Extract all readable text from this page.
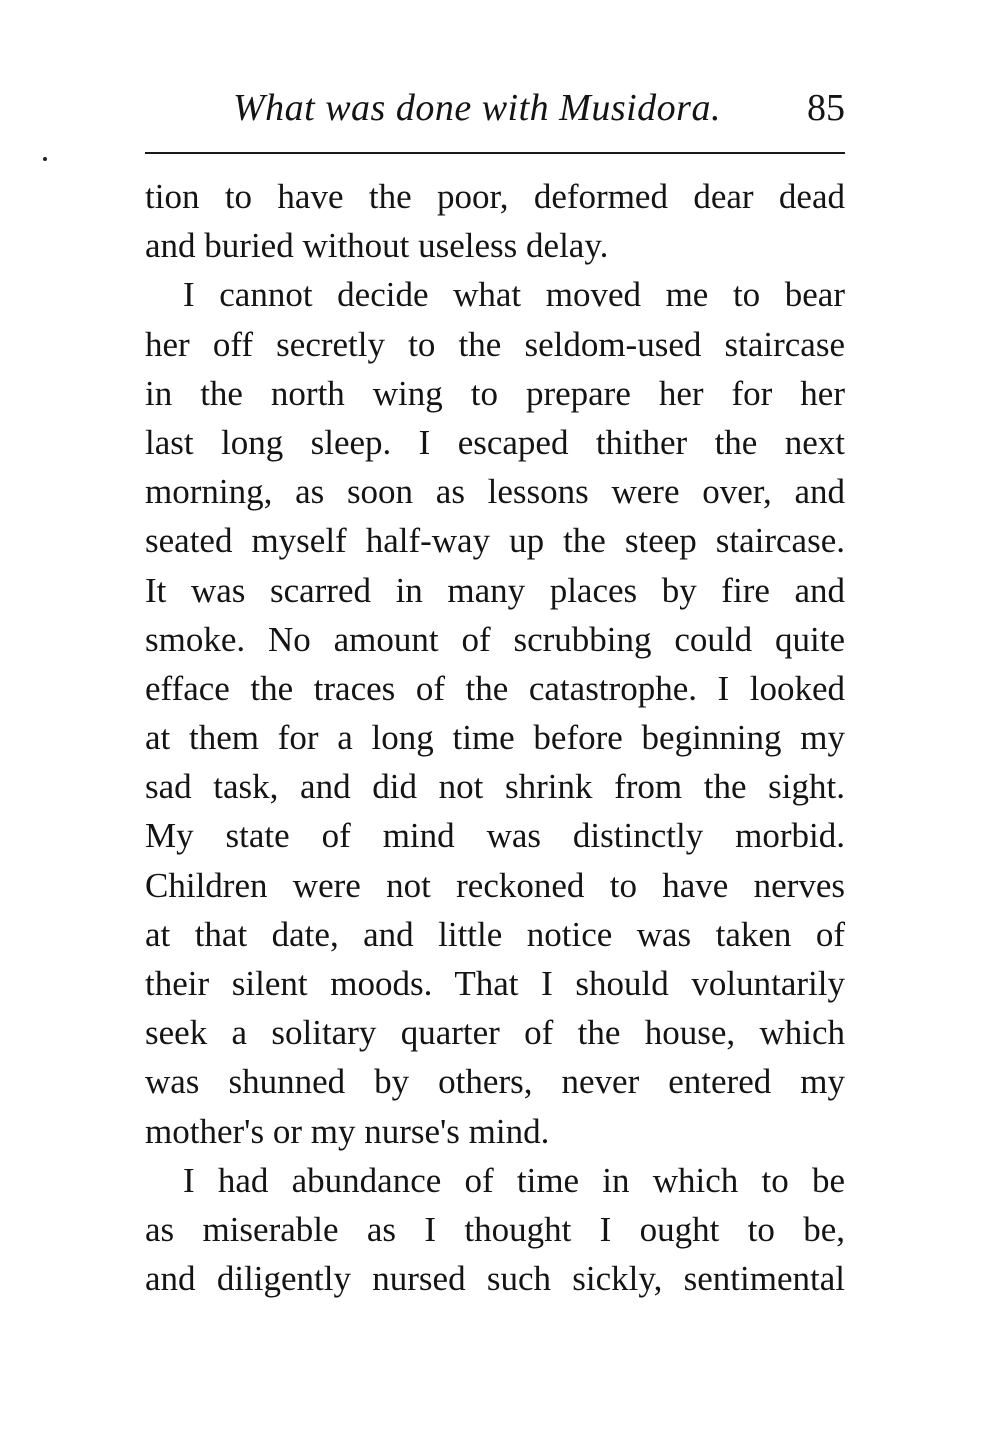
What was done with Musidora. 85
tion to have the poor, deformed dear dead
and buried without useless delay.
I cannot decide what moved me to bear
her off secretly to the seldom-used staircase
in the north wing to prepare her for her
last long sleep. I escaped thither the next
morning, as soon as lessons were over, and
seated myself half-way up the steep staircase.
It was scarred in many places by fire and
smoke. No amount of scrubbing could quite
efface the traces of the catastrophe. I looked
at them for a long time before beginning my
sad task, and did not shrink from the sight.
My state of mind was distinctly morbid.
Children were not reckoned to have nerves
at that date, and little notice was taken of
their silent moods. That I should voluntarily
seek a solitary quarter of the house, which
was shunned by others, never entered my
mother's or my nurse's mind.
I had abundance of time in which to be
as miserable as I thought I ought to be,
and diligently nursed such sickly, sentimental
